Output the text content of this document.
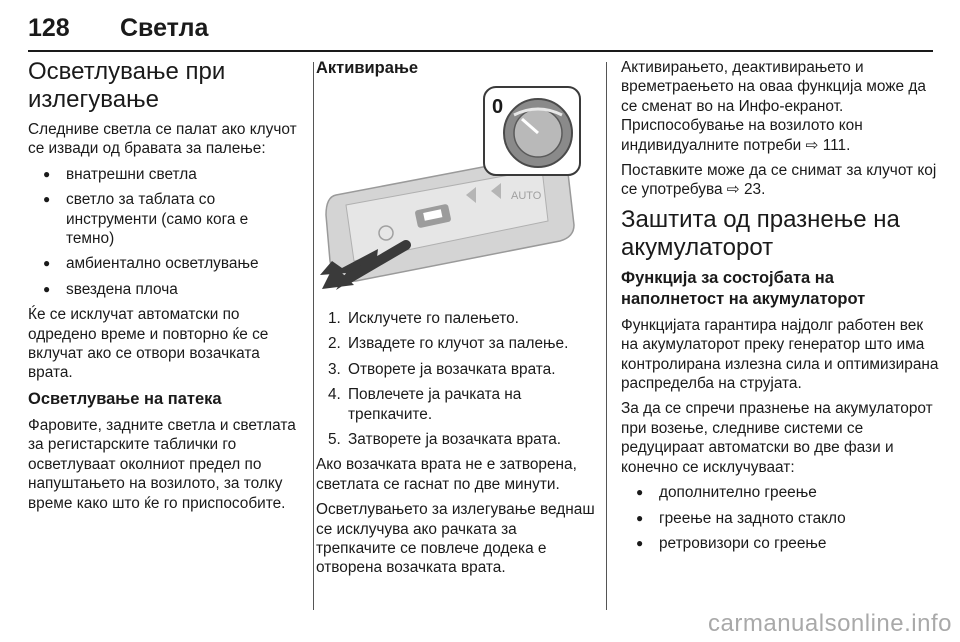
128 Светла
Осветлување при излегување

Следниве светла се палат ако клучот се извади од бравата за палење:

● внатрешни светла
● светло за таблата со инструменти (само кога е темно)
● амбиентално осветлување
● sвездена плоча

Ќе се исклучат автоматски по одредено време и повторно ќе се вклучат ако се отвори возачката врата.

Осветлување на патека

Фаровите, задните светла и светлата за регистарските таблички го осветлуваат околниот предел по напуштањето на возилото, за толку време како што ќе го приспособите.

Активирање
AUTO
0
1. Исклучете го палењето.
2. Извадете го клучот за палење.
3. Отворете ја возачката врата.
4. Повлечете ја рачката на трепкачите.
5. Затворете ја возачката врата.

Ако возачката врата не е затворена, светлата се гаснат по две минути.

Осветлувањето за излегување веднаш се исклучува ако рачката за трепкачите се повлече додека е отворена возачката врата.

Активирањето, деактивирањето и времетраењето на оваа функција може да се сменат во на Инфо-екранот. Приспособување на возилото кон индивидуалните потреби ⇨ 111.

Поставките може да се снимат за клучот кој се употребува ⇨ 23.

Заштита од празнење на акумулаторот
Функција за состојбата на наполнетост на акумулаторот

Функцијата гарантира најдолг работен век на акумулаторот преку генератор што има контролирана излезна сила и оптимизирана распределба на струјата.

За да се спречи празнење на акумулаторот при возење, следниве системи се редуцираат автоматски во две фази и конечно се исклучуваат:

● дополнително греење
● греење на задното стакло
● ретровизори со греење
carmanualsonline.info
